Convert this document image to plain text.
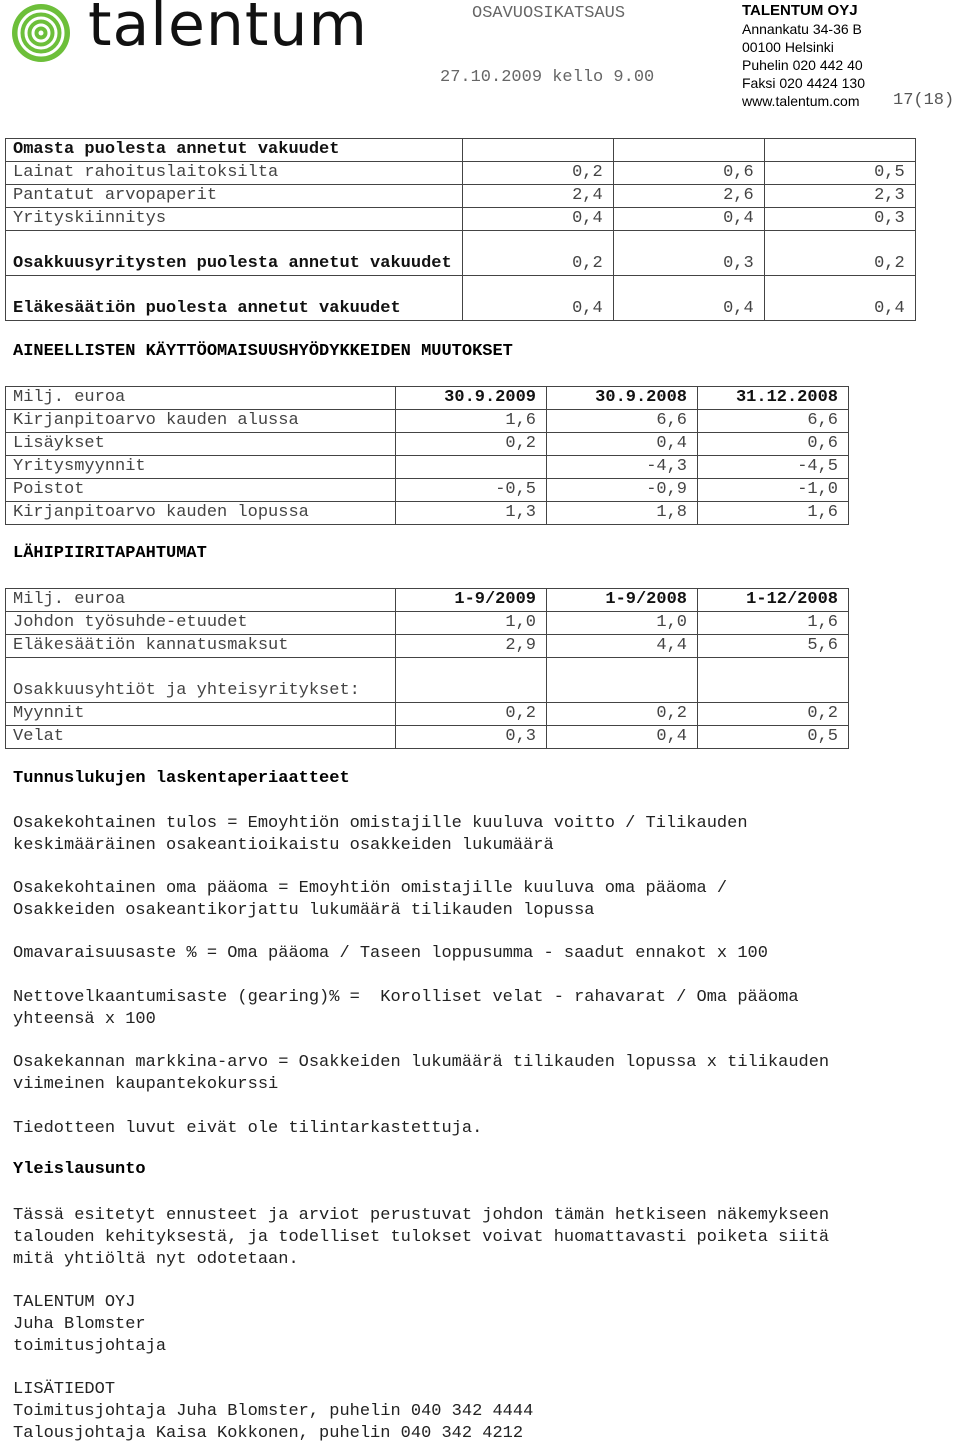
talentum	OSAVUOSIKATSAUS
27.10.2009 kello 9.00
TALENTUM OYJ
Annankatu 34-36 B
00100 Helsinki
Puhelin 020 442 40
Faksi 020 4424 130
www.talentum.com	17(18)
Omasta puolesta annetut vakuudet			
Lainat rahoituslaitoksilta	0,2	0,6	0,5
Pantatut arvopaperit	2,4	2,6	2,3
Yrityskiinnitys	0,4	0,4	0,3
Osakkuusyritysten puolesta annetut vakuudet	0,2	0,3	0,2
Eläkesäätiön puolesta annetut vakuudet	0,4	0,4	0,4
AINEELLISTEN KÄYTTÖOMAISUUSHYÖDYKKEIDEN MUUTOKSET
Milj. euroa	30.9.2009	30.9.2008	31.12.2008
Kirjanpitoarvo kauden alussa	1,6	6,6	6,6
Lisäykset	0,2	0,4	0,6
Yritysmyynnit		-4,3	-4,5
Poistot	-0,5	-0,9	-1,0
Kirjanpitoarvo kauden lopussa	1,3	1,8	1,6
LÄHIPIIRITAPAHTUMAT
Milj. euroa	1-9/2009	1-9/2008	1-12/2008
Johdon työsuhde-etuudet	1,0	1,0	1,6
Eläkesäätiön kannatusmaksut	2,9	4,4	5,6
Osakkuusyhtiöt ja yhteisyritykset:			
Myynnit	0,2	0,2	0,2
Velat	0,3	0,4	0,5
Tunnuslukujen laskentaperiaatteet
Osakekohtainen tulos = Emoyhtiön omistajille kuuluva voitto / Tilikauden
keskimääräinen osakeantioikaistu osakkeiden lukumäärä
Osakekohtainen oma pääoma = Emoyhtiön omistajille kuuluva oma pääoma /
Osakkeiden osakeantikorjattu lukumäärä tilikauden lopussa
Omavaraisuusaste % = Oma pääoma / Taseen loppusumma - saadut ennakot x 100
Nettovelkaantumisaste (gearing)% =  Korolliset velat - rahavarat / Oma pääoma
yhteensä x 100
Osakekannan markkina-arvo = Osakkeiden lukumäärä tilikauden lopussa x tilikauden
viimeinen kaupantekokurssi
Tiedotteen luvut eivät ole tilintarkastettuja.
Yleislausunto
Tässä esitetyt ennusteet ja arviot perustuvat johdon tämän hetkiseen näkemykseen
talouden kehityksestä, ja todelliset tulokset voivat huomattavasti poiketa siitä
mitä yhtiöltä nyt odotetaan.
TALENTUM OYJ
Juha Blomster
toimitusjohtaja
LISÄTIEDOT
Toimitusjohtaja Juha Blomster, puhelin 040 342 4444
Talousjohtaja Kaisa Kokkonen, puhelin 040 342 4212
